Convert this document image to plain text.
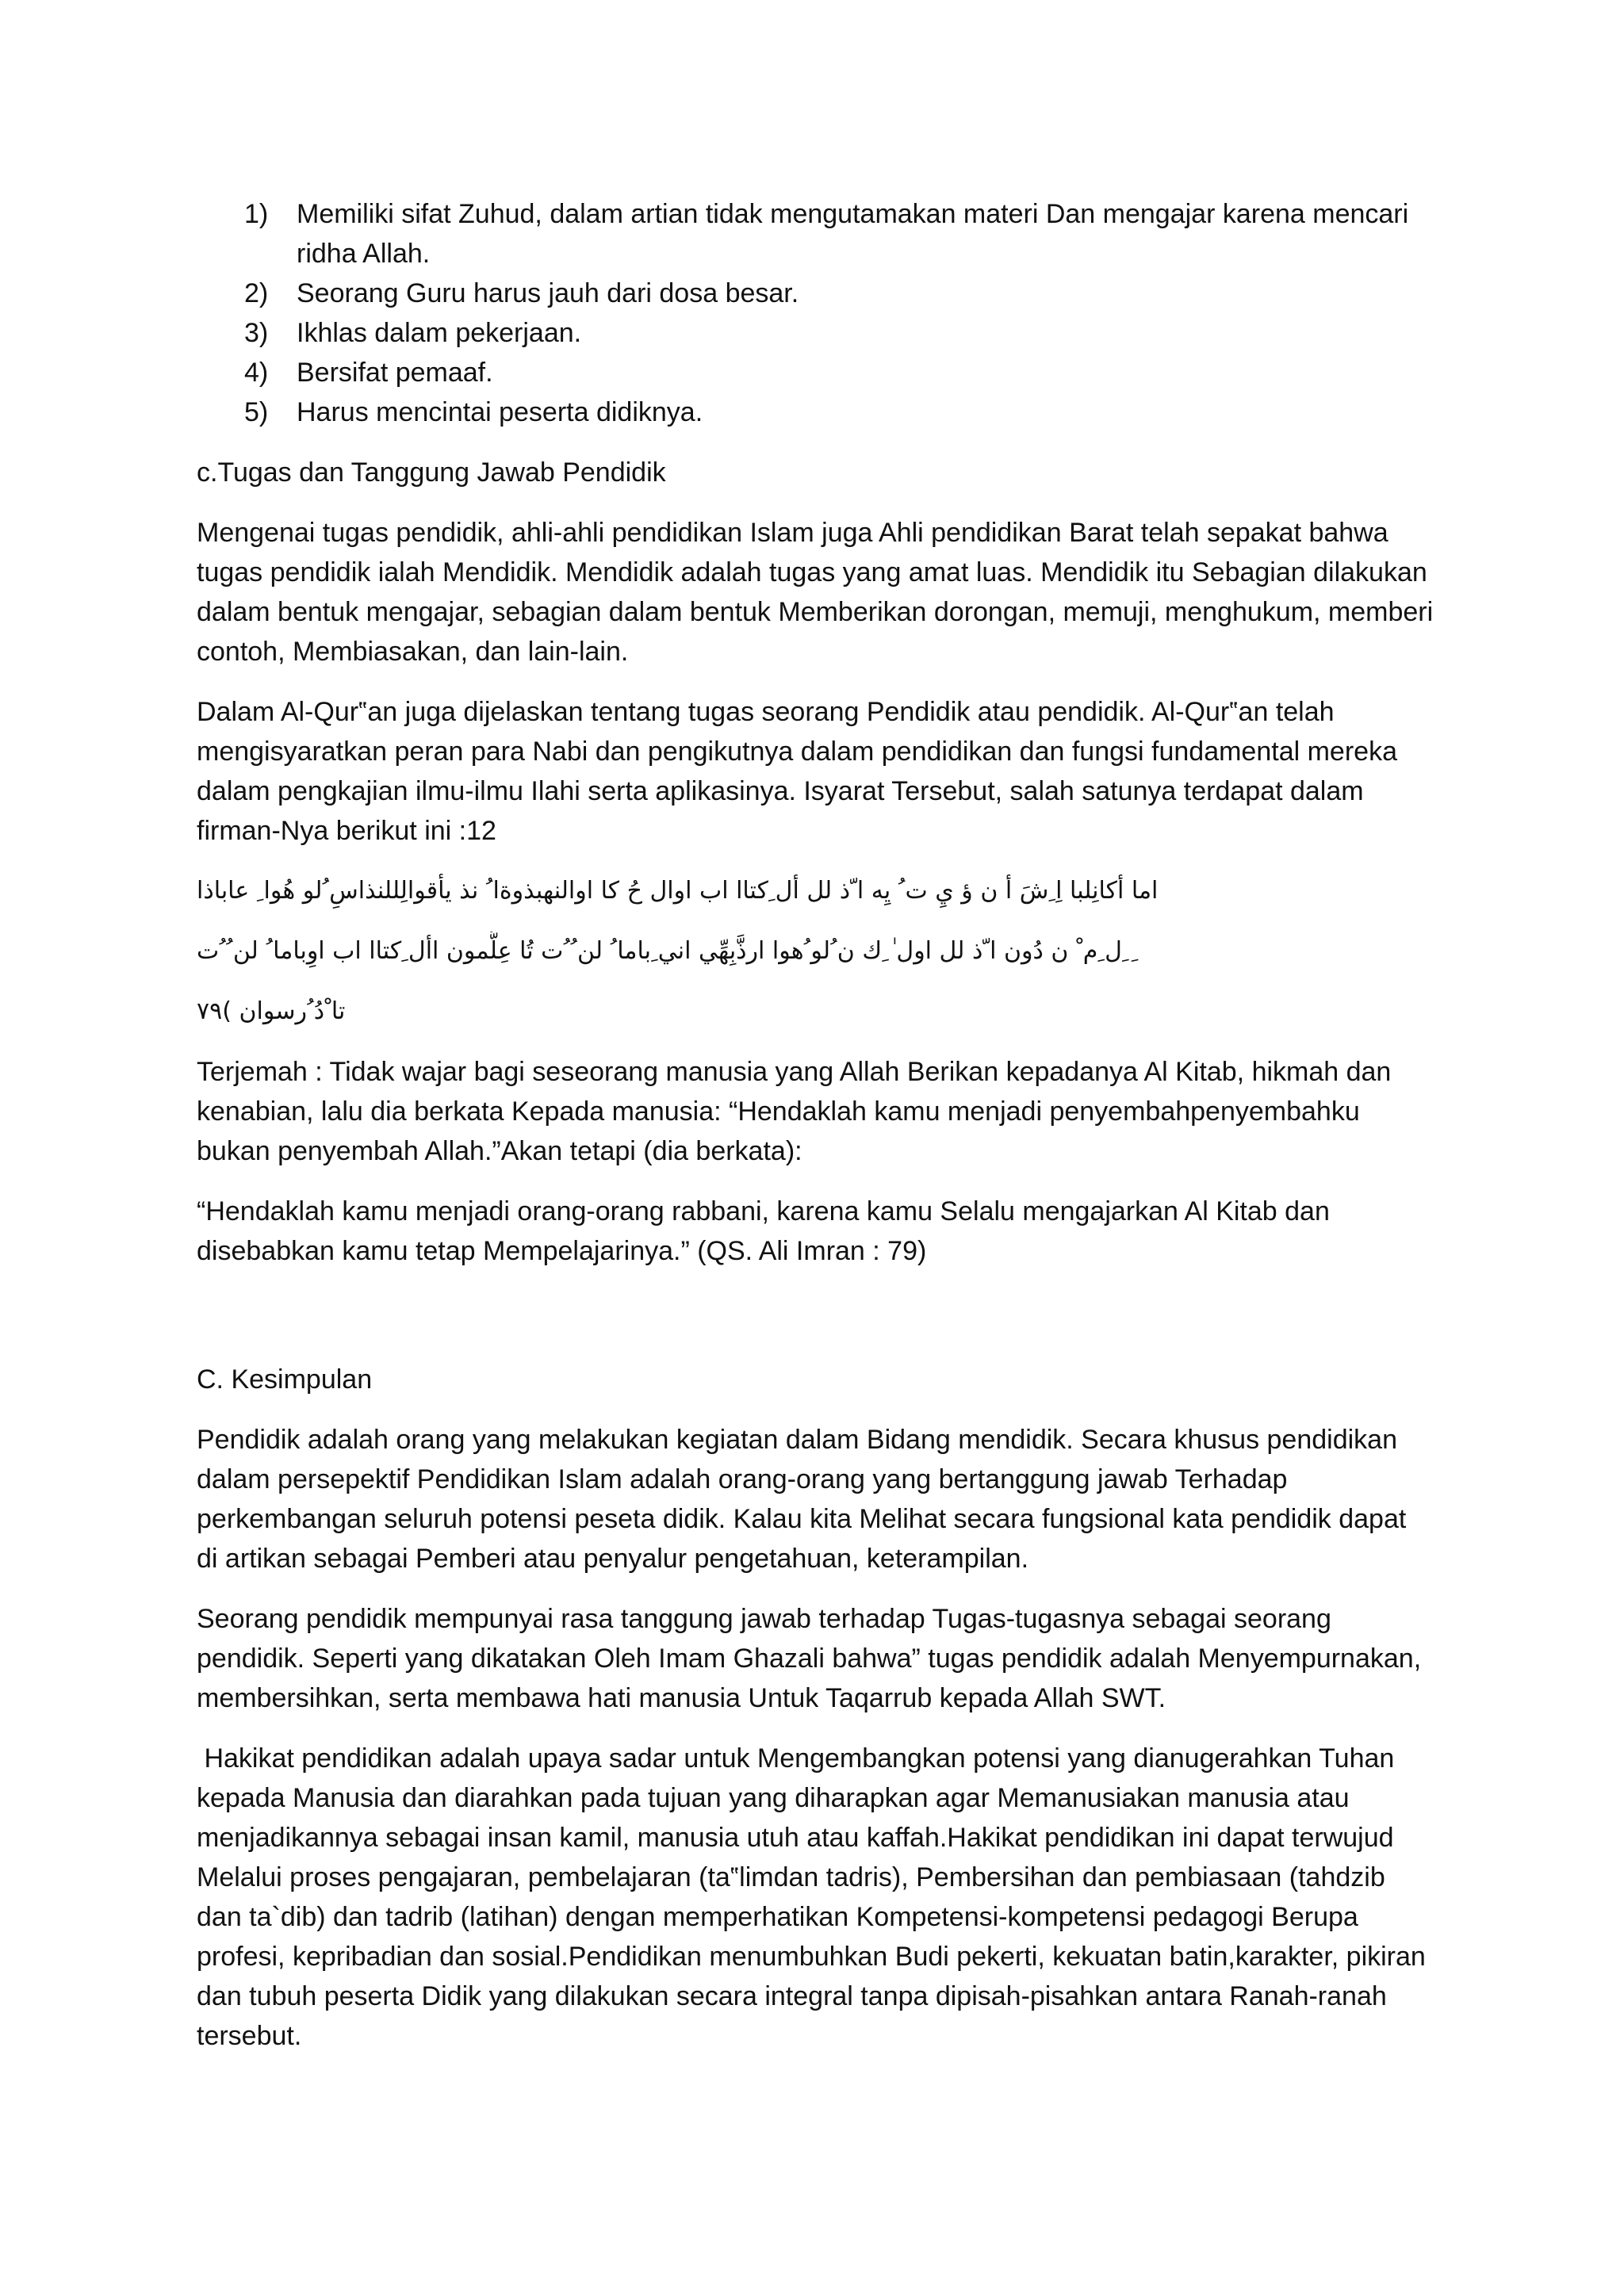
1) Memiliki sifat Zuhud, dalam artian tidak mengutamakan materi Dan mengajar karena mencari ridha Allah.
2) Seorang Guru harus jauh dari dosa besar.
3) Ikhlas dalam pekerjaan.
4) Bersifat pemaaf.
5) Harus mencintai peserta didiknya.

c.Tugas dan Tanggung Jawab Pendidik

Mengenai tugas pendidik, ahli-ahli pendidikan Islam juga Ahli pendidikan Barat telah sepakat bahwa tugas pendidik ialah Mendidik. Mendidik adalah tugas yang amat luas. Mendidik itu Sebagian dilakukan dalam bentuk mengajar, sebagian dalam bentuk Memberikan dorongan, memuji, menghukum, memberi contoh, Membiasakan, dan lain-lain.

Dalam Al-Qur‟an juga dijelaskan tentang tugas seorang Pendidik atau pendidik. Al-Qur‟an telah mengisyaratkan peran para Nabi dan pengikutnya dalam pendidikan dan fungsi fundamental mereka dalam pengkajian ilmu-ilmu Ilahi serta aplikasinya. Isyarat Tersebut, salah satunya terdapat dalam firman-Nya berikut ini :12

اما أكانِلبا اِ ِشَ أ ن ؤ يِ ت ُ يِه ا ّذ لل أل ِكتاا اب اوال حُ كا اوالنهبذوةا ُ نذ يأقوالِللنذاسِ ُلو هُوا ِ عاباذا

ِ ِل ِم ْ ن دُون ا ّذ لل اول ٰ ِك ن ُلو ُهوا ارذَّبِهِّي اني ِباما ُ لن ُ ُت تُا عِلُّمون األ ِكتاا اب اوِباما ُ لن ُ ُت

تا ْدُ ُرسوان )٧٩

Terjemah : Tidak wajar bagi seseorang manusia yang Allah Berikan kepadanya Al Kitab, hikmah dan kenabian, lalu dia berkata Kepada manusia: “Hendaklah kamu menjadi penyembahpenyembahku bukan penyembah Allah.”Akan tetapi (dia berkata):

“Hendaklah kamu menjadi orang-orang rabbani, karena kamu Selalu mengajarkan Al Kitab dan disebabkan kamu tetap Mempelajarinya.” (QS. Ali Imran : 79)

C. Kesimpulan

Pendidik adalah orang yang melakukan kegiatan dalam Bidang mendidik. Secara khusus pendidikan dalam persepektif Pendidikan Islam adalah orang-orang yang bertanggung jawab Terhadap perkembangan seluruh potensi peseta didik. Kalau kita Melihat secara fungsional kata pendidik dapat di artikan sebagai Pemberi atau penyalur pengetahuan, keterampilan.

Seorang pendidik mempunyai rasa tanggung jawab terhadap Tugas-tugasnya sebagai seorang pendidik. Seperti yang dikatakan Oleh Imam Ghazali bahwa” tugas pendidik adalah Menyempurnakan, membersihkan, serta membawa hati manusia Untuk Taqarrub kepada Allah SWT.

Hakikat pendidikan adalah upaya sadar untuk Mengembangkan potensi yang dianugerahkan Tuhan kepada Manusia dan diarahkan pada tujuan yang diharapkan agar Memanusiakan manusia atau menjadikannya sebagai insan kamil, manusia utuh atau kaffah.Hakikat pendidikan ini dapat terwujud Melalui proses pengajaran, pembelajaran (ta‟limdan tadris), Pembersihan dan pembiasaan (tahdzib dan ta`dib) dan tadrib (latihan) dengan memperhatikan Kompetensi-kompetensi pedagogi Berupa profesi, kepribadian dan sosial.Pendidikan menumbuhkan Budi pekerti, kekuatan batin,karakter, pikiran dan tubuh peserta Didik yang dilakukan secara integral tanpa dipisah-pisahkan antara Ranah-ranah tersebut.
